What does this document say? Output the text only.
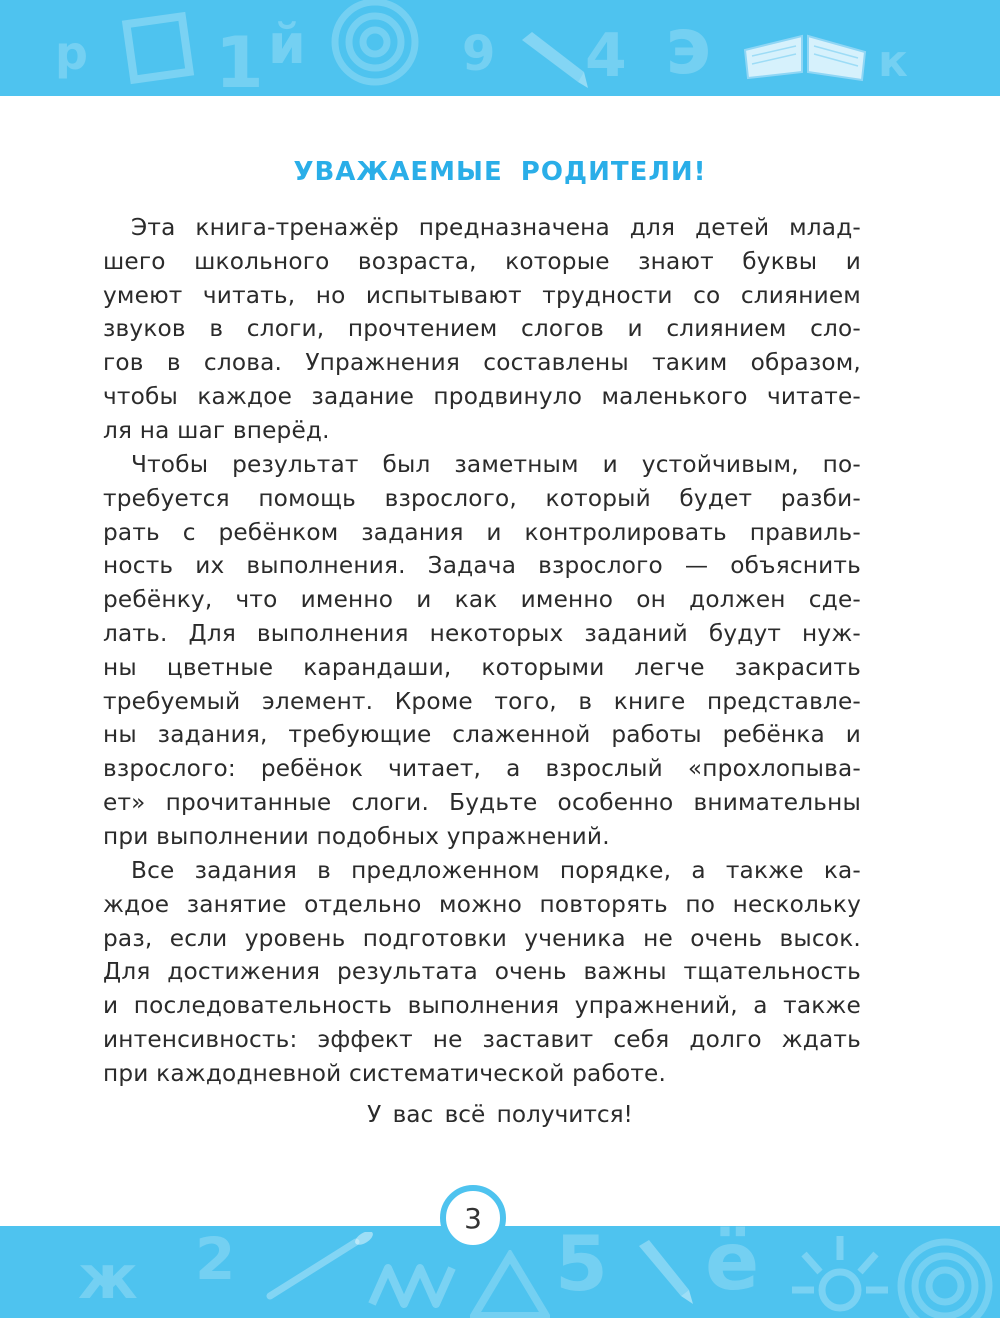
р 1 й	9 4 э	к
УВАЖАЕМЫЕ РОДИТЕЛИ!
Эта книга-тренажёр предназначена для детей млад-
шего школьного возраста, которые знают буквы и
умеют читать, но испытывают трудности со слиянием
звуков в слоги, прочтением слогов и слиянием сло-
гов в слова. Упражнения составлены таким образом,
чтобы каждое задание продвинуло маленького читате-
ля на шаг вперёд.
Чтобы результат был заметным и устойчивым, по-
требуется помощь взрослого, который будет разби-
рать с ребёнком задания и контролировать правиль-
ность их выполнения. Задача взрослого — объяснить
ребёнку, что именно и как именно он должен сде-
лать. Для выполнения некоторых заданий будут нуж-
ны цветные карандаши, которыми легче закрасить
требуемый элемент. Кроме того, в книге представле-
ны задания, требующие слаженной работы ребёнка и
взрослого: ребёнок читает, а взрослый «прохлопыва-
ет» прочитанные слоги. Будьте особенно внимательны
при выполнении подобных упражнений.
Все задания в предложенном порядке, а также ка-
ждое занятие отдельно можно повторять по нескольку
раз, если уровень подготовки ученика не очень высок.
Для достижения результата очень важны тщательность
и последовательность выполнения упражнений, а также
интенсивность: эффект не заставит себя долго ждать
при каждодневной систематической работе.
У вас всё получится!
ж 2	5 ё
3
